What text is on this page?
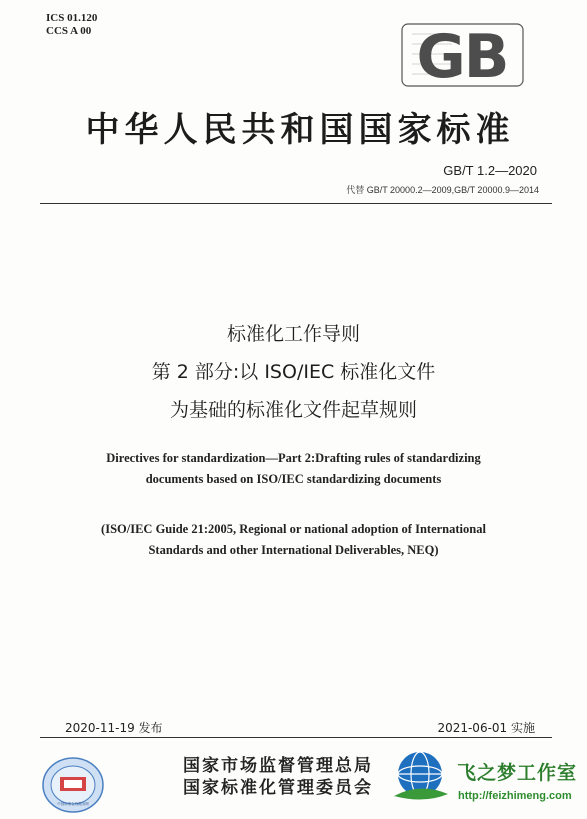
ICS 01.120
CCS A 00	GB
中华人民共和国国家标准
GB/T 1.2—2020
代替 GB/T 20000.2—2009,GB/T 20000.9—2014
标准化工作导则
第 2 部分:以 ISO/IEC 标准化文件
为基础的标准化文件起草规则
Directives for standardization—Part 2:Drafting rules of standardizing
documents based on ISO/IEC standardizing documents
(ISO/IEC Guide 21:2005, Regional or national adoption of International
Standards and other International Deliverables, NEQ)
2020-11-19 发布	2021-06-01 实施
中国标准在线服务网
国家市场监督管理总局
国家标准化管理委员会
飞之梦工作室
http://feizhimeng.com
